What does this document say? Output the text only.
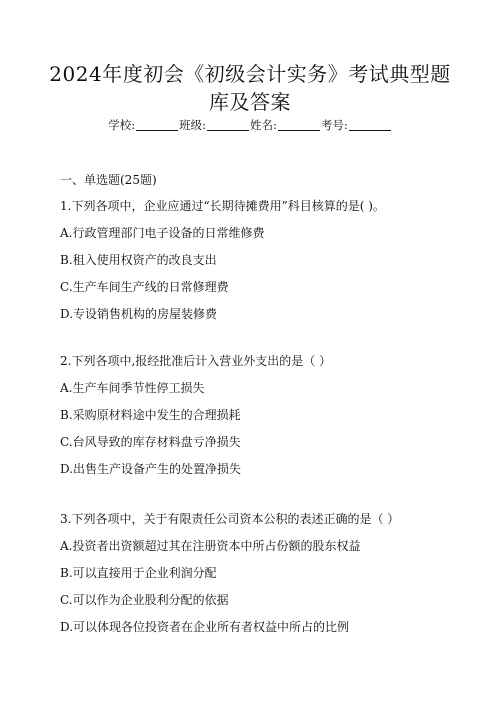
2024年度初会《初级会计实务》考试典型题
库及答案
学校:	班级:	姓名:	考号:
一、单选题(25题)
1.下列各项中，企业应通过“长期待摊费用”科目核算的是( )。
A.行政管理部门电子设备的日常维修费
B.租入使用权资产的改良支出
C.生产车间生产线的日常修理费
D.专设销售机构的房屋装修费
2.下列各项中,报经批准后计入营业外支出的是（ ）
A.生产车间季节性停工损失
B.采购原材料途中发生的合理损耗
C.台风导致的库存材料盘亏净损失
D.出售生产设备产生的处置净损失
3.下列各项中，关于有限责任公司资本公积的表述正确的是（ ）
A.投资者出资额超过其在注册资本中所占份额的股东权益
B.可以直接用于企业利润分配
C.可以作为企业股利分配的依据
D.可以体现各位投资者在企业所有者权益中所占的比例
